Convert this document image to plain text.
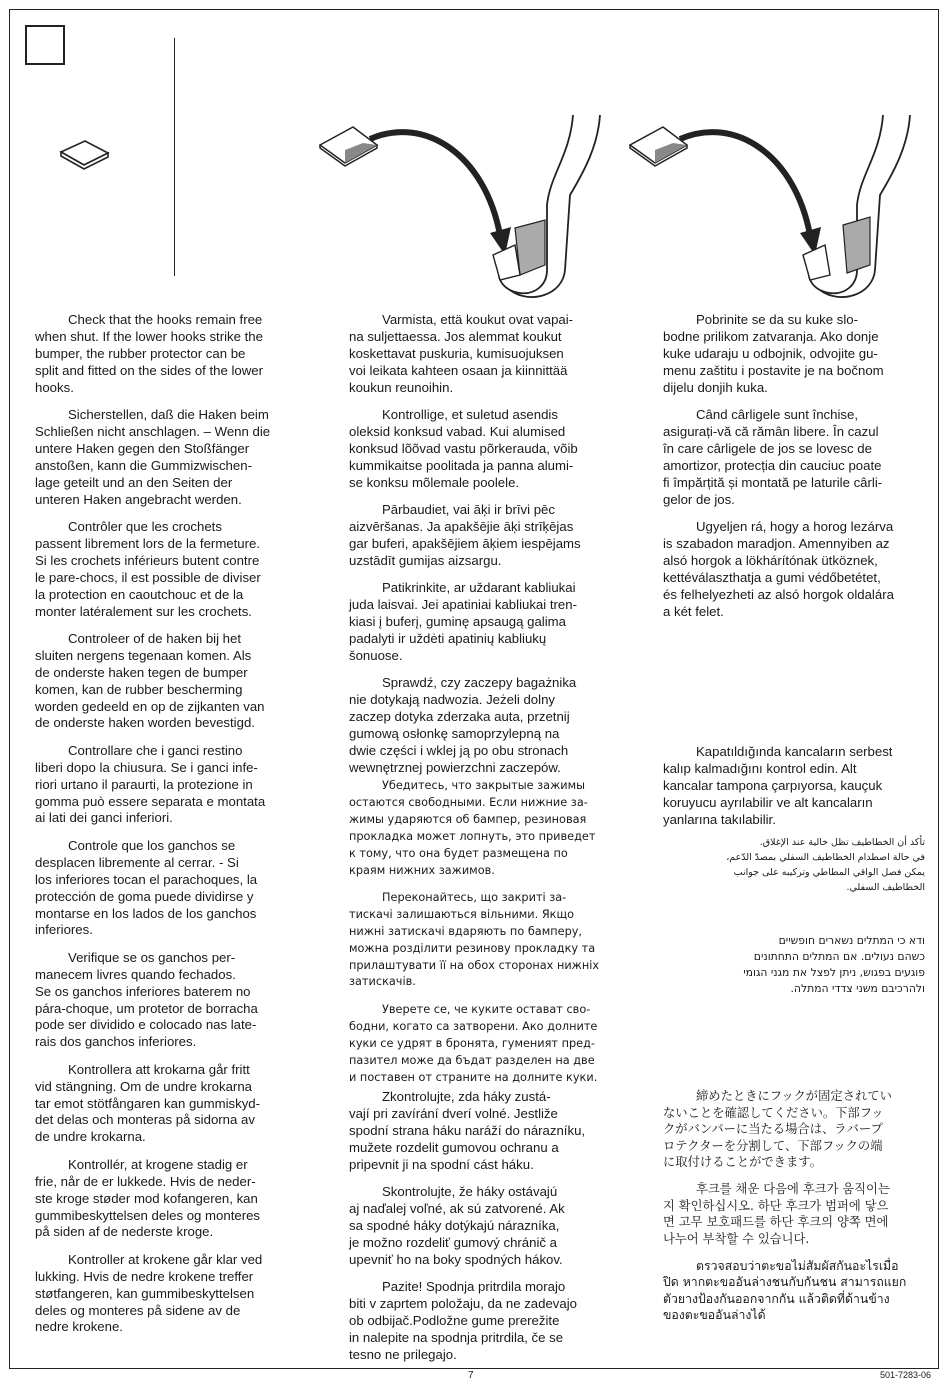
Check that the hooks remain free
when shut. If the lower hooks strike the
bumper, the rubber protector can be
split and fitted on the sides of the lower
hooks.

Sicherstellen, daß die Haken beim
Schließen nicht anschlagen. – Wenn die
untere Haken gegen den Stoßfänger
anstoßen, kann die Gummizwischen-
lage geteilt und an den Seiten der
unteren Haken angebracht werden.

Contrôler que les crochets
passent librement lors de la fermeture.
Si les crochets inférieurs butent contre
le pare-chocs, il est possible de diviser
la protection en caoutchouc et de la
monter latéralement sur les crochets.

Controleer of de haken bij het
sluiten nergens tegenaan komen. Als
de onderste haken tegen de bumper
komen, kan de rubber bescherming
worden gedeeld en op de zijkanten van
de onderste haken worden bevestigd.

Controllare che i ganci restino
liberi dopo la chiusura. Se i ganci infe-
riori urtano il paraurti, la protezione in
gomma può essere separata e montata
ai lati dei ganci inferiori.

Controle que los ganchos se
desplacen libremente al cerrar. - Si
los inferiores tocan el parachoques, la
protección de goma puede dividirse y
montarse en los lados de los ganchos
inferiores.

Verifique se os ganchos per-
manecem livres quando fechados.
Se os ganchos inferiores baterem no
pára-choque, um protetor de borracha
pode ser dividido e colocado nas late-
rais dos ganchos inferiores.

Kontrollera att krokarna går fritt
vid stängning. Om de undre krokarna
tar emot stötfångaren kan gummiskyd-
det delas och monteras på sidorna av
de undre krokarna.

Kontrollér, at krogene stadig er
frie, når de er lukkede. Hvis de neder-
ste kroge støder mod kofangeren, kan
gummibeskyttelsen deles og monteres
på siden af de nederste kroge.

Kontroller at krokene går klar ved
lukking. Hvis de nedre krokene treffer
støtfangeren, kan gummibeskyttelsen
deles og monteres på sidene av de
nedre krokene.

Varmista, että koukut ovat vapai-
na suljettaessa. Jos alemmat koukut
koskettavat puskuria, kumisuojuksen
voi leikata kahteen osaan ja kiinnittää
koukun reunoihin.

Kontrollige, et suletud asendis
oleksid konksud vabad. Kui alumised
konksud lõõvad vastu põrkerauda, võib
kummikaitse poolitada ja panna alumi-
se konksu mõlemale poolele.

Pārbaudiet, vai āķi ir brīvi pēc
aizvēršanas. Ja apakšējie āķi strīķējas
gar buferi, apakšējiem āķiem iespējams
uzstādīt gumijas aizsargu.

Patikrinkite, ar uždarant kabliukai
juda laisvai. Jei apatiniai kabliukai tren-
kiasi į buferį, guminę apsaugą galima
padalyti ir uždėti apatinių kabliukų
šonuose.

Sprawdź, czy zaczepy bagażnika
nie dotykają nadwozia. Jeżeli dolny
zaczep dotyka zderzaka auta, przetnij
gumową osłonkę samoprzylepną na
dwie części i wklej ją po obu stronach
wewnętrznej powierzchni zaczepów.

Убедитесь, что закрытые зажимы
остаются свободными. Если нижние за-
жимы ударяются об бампер, резиновая
прокладка может лопнуть, это приведет
к тому, что она будет размещена по
краям нижних зажимов.

Переконайтесь, що закриті за-
тискачі залишаються вільними. Якщо
нижні затискачі вдаряють по бамперу,
можна розділити резинову прокладку та
прилаштувати її на обох сторонах нижніх
затискачів.

Уверете се, че куките остават сво-
бодни, когато са затворени. Ако долните
куки се удрят в бронята, гуменият пред-
пазител може да бъдат разделен на две
и поставен от страните на долните куки.

Zkontrolujte, zda háky zustá-
vají pri zavírání dverí volné. Jestliže
spodní strana háku naráží do nárazníku,
mužete rozdelit gumovou ochranu a
pripevnit ji na spodní cást háku.

Skontrolujte, že háky ostávajú
aj naďalej voľné, ak sú zatvorené. Ak
sa spodné háky dotýkajú nárazníka,
je možno rozdeliť gumový chránič a
upevniť ho na boky spodných hákov.

Pazite! Spodnja pritrdila morajo
biti v zaprtem položaju, da ne zadevajo
ob odbijač.Podložne gume prerežite
in nalepite na spodnja pritrdila, če se
tesno ne prilegajo.

Pobrinite se da su kuke slo-
bodne prilikom zatvaranja. Ako donje
kuke udaraju u odbojnik, odvojite gu-
menu zaštitu i postavite je na bočnom
dijelu donjih kuka.

Când cârligele sunt închise,
asigurați-vă că rămân libere. În cazul
în care cârligele de jos se lovesc de
amortizor, protecția din cauciuc poate
fi împărțită și montată pe laturile cârli-
gelor de jos.

Ugyeljen rá, hogy a horog lezárva
is szabadon maradjon. Amennyiben az
alsó horgok a lökhárítónak ütköznek,
kettéválaszthatja a gumi védőbetétet,
és felhelyezheti az alsó horgok oldalára
a két felet.

Kapatıldığında kancaların serbest
kalıp kalmadığını kontrol edin. Alt
kancalar tampona çarpıyorsa, kauçuk
koruyucu ayrılabilir ve alt kancaların
yanlarına takılabilir.

تأكد أن الخطاطيف تظل خالية عند الإغلاق.
في حالة اصطدام الخطاطيف السفلي بمصدّ الدّعم،
يمكن فصل الواقي المطاطي وتركيبه على جوانب
الخطاطيف السفلي.

ודא כי המתלים נשארים חופשיים
כשהם נעולים. אם המתלים התחתונים
פוגעים בפגוש, ניתן לפצל את מגני הגומי
ולהרכיבם משני צדדי המתלה.

締めたときにフックが固定されてい
ないことを確認してください。下部フッ
クがバンパーに当たる場合は、ラバープ
ロテクターを分割して、下部フックの端
に取付けることができます。

후크를 채운 다음에 후크가 움직이는
지 확인하십시오. 하단 후크가 범퍼에 닿으
면 고무 보호패드를 하단 후크의 양쪽 면에
나누어 부착할 수 있습니다.

ตรวจสอบว่าตะขอไม่สัมผัสกันอะไรเมื่อ
ปิด หากตะขออันล่างชนกับกันชน สามารถแยก
ตัวยางป้องกันออกจากกัน แล้วติดที่ด้านข้าง
ของตะขออันล่างได้

7	501-7283-06
